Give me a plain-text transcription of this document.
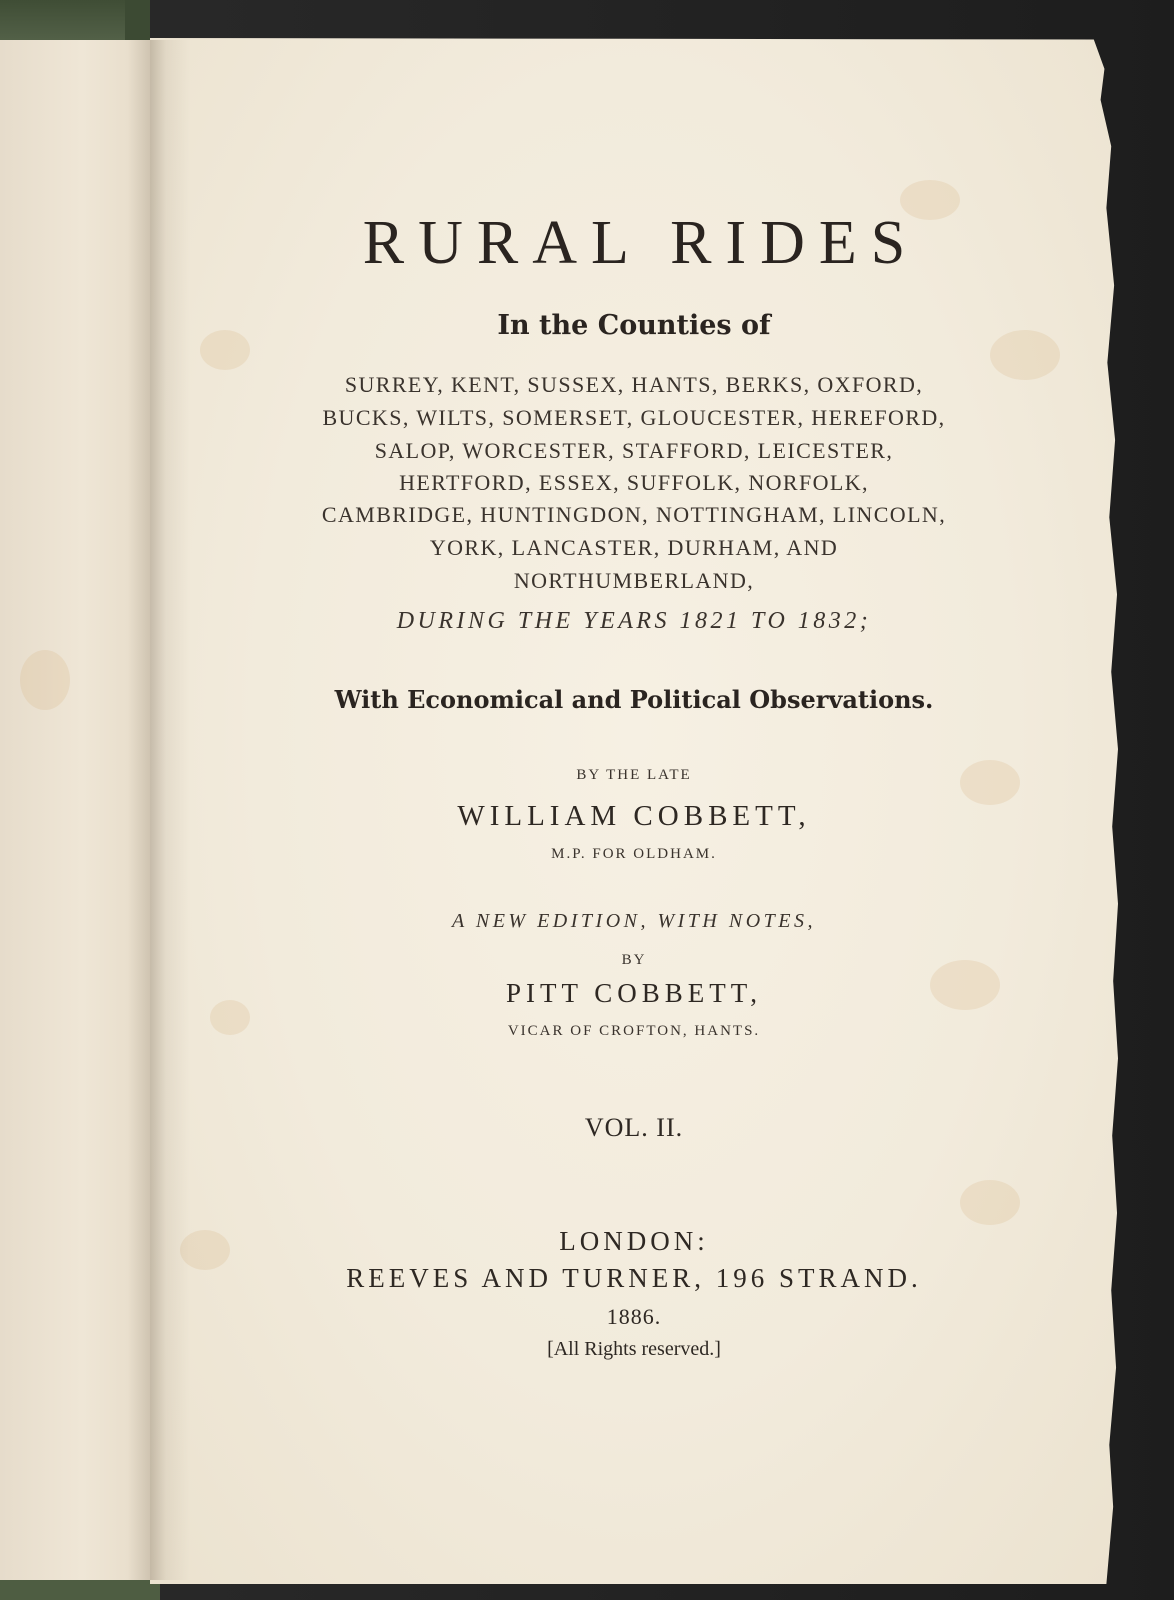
RURAL RIDES
In the Counties of
SURREY, KENT, SUSSEX, HANTS, BERKS, OXFORD,
BUCKS, WILTS, SOMERSET, GLOUCESTER, HEREFORD,
SALOP, WORCESTER, STAFFORD, LEICESTER,
HERTFORD, ESSEX, SUFFOLK, NORFOLK,
CAMBRIDGE, HUNTINGDON, NOTTINGHAM, LINCOLN,
YORK, LANCASTER, DURHAM, AND
NORTHUMBERLAND,
DURING THE YEARS 1821 TO 1832;
With Economical and Political Observations.
BY THE LATE
WILLIAM COBBETT,
M.P. FOR OLDHAM.
A NEW EDITION, WITH NOTES,
BY
PITT COBBETT,
VICAR OF CROFTON, HANTS.
VOL. II.
LONDON:
REEVES AND TURNER, 196 STRAND.
1886.
[All Rights reserved.]
